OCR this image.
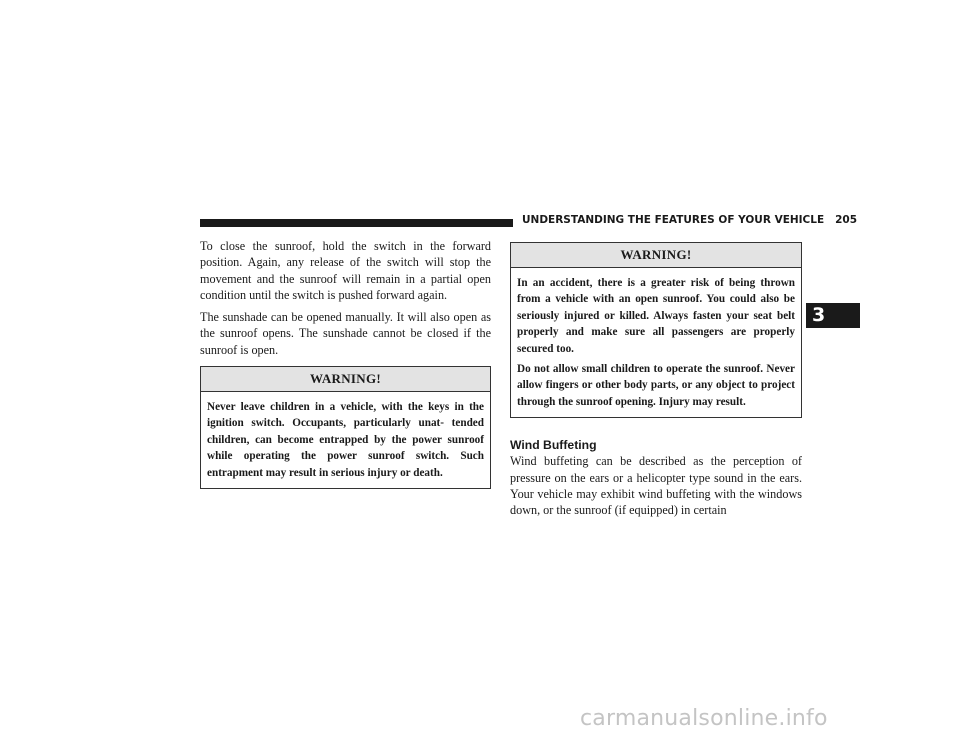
UNDERSTANDING THE FEATURES OF YOUR VEHICLE 205
3

To close the sunroof, hold the switch in the forward position. Again, any release of the switch will stop the movement and the sunroof will remain in a partial open condition until the switch is pushed forward again.

The sunshade can be opened manually. It will also open as the sunroof opens. The sunshade cannot be closed if the sunroof is open.

WARNING!

Never leave children in a vehicle, with the keys in the ignition switch. Occupants, particularly unat- tended children, can become entrapped by the power sunroof while operating the power sunroof switch. Such entrapment may result in serious injury or death.

WARNING!

In an accident, there is a greater risk of being thrown from a vehicle with an open sunroof. You could also be seriously injured or killed. Always fasten your seat belt properly and make sure all passengers are properly secured too.

Do not allow small children to operate the sunroof. Never allow fingers or other body parts, or any object to project through the sunroof opening. Injury may result.

Wind Buffeting

Wind buffeting can be described as the perception of pressure on the ears or a helicopter type sound in the ears. Your vehicle may exhibit wind buffeting with the windows down, or the sunroof (if equipped) in certain

carmanualsonline.info
